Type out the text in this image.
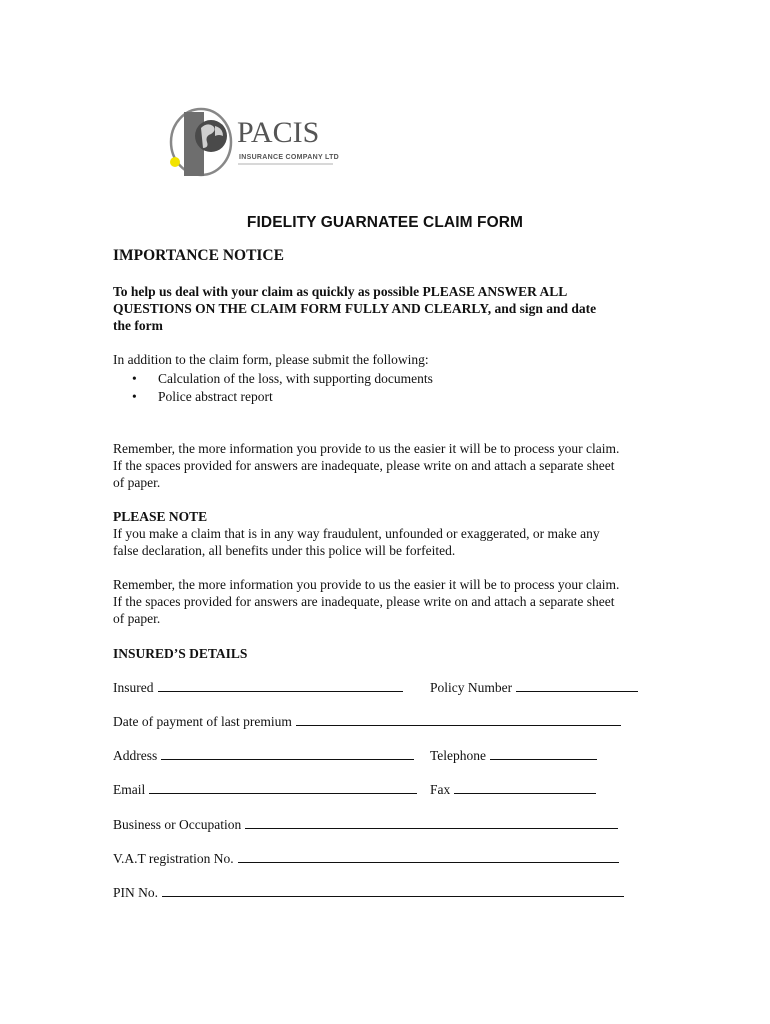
PACIS
INSURANCE COMPANY LTD
FIDELITY GUARNATEE CLAIM FORM
IMPORTANCE NOTICE
To help us deal with your claim as quickly as possible PLEASE ANSWER ALL
QUESTIONS ON THE CLAIM FORM FULLY AND CLEARLY, and sign and date
the form
In addition to the claim form, please submit the following:
• Calculation of the loss, with supporting documents
• Police abstract report
Remember, the more information you provide to us the easier it will be to process your claim.
If the spaces provided for answers are inadequate, please write on and attach a separate sheet
of paper.
PLEASE NOTE
If you make a claim that is in any way fraudulent, unfounded or exaggerated, or make any
false declaration, all benefits under this police will be forfeited.
Remember, the more information you provide to us the easier it will be to process your claim.
If the spaces provided for answers are inadequate, please write on and attach a separate sheet
of paper.
INSURED’S DETAILS
Insured	Policy Number
Date of payment of last premium
Address	Telephone
Email	Fax
Business or Occupation
V.A.T registration No.
PIN No.
